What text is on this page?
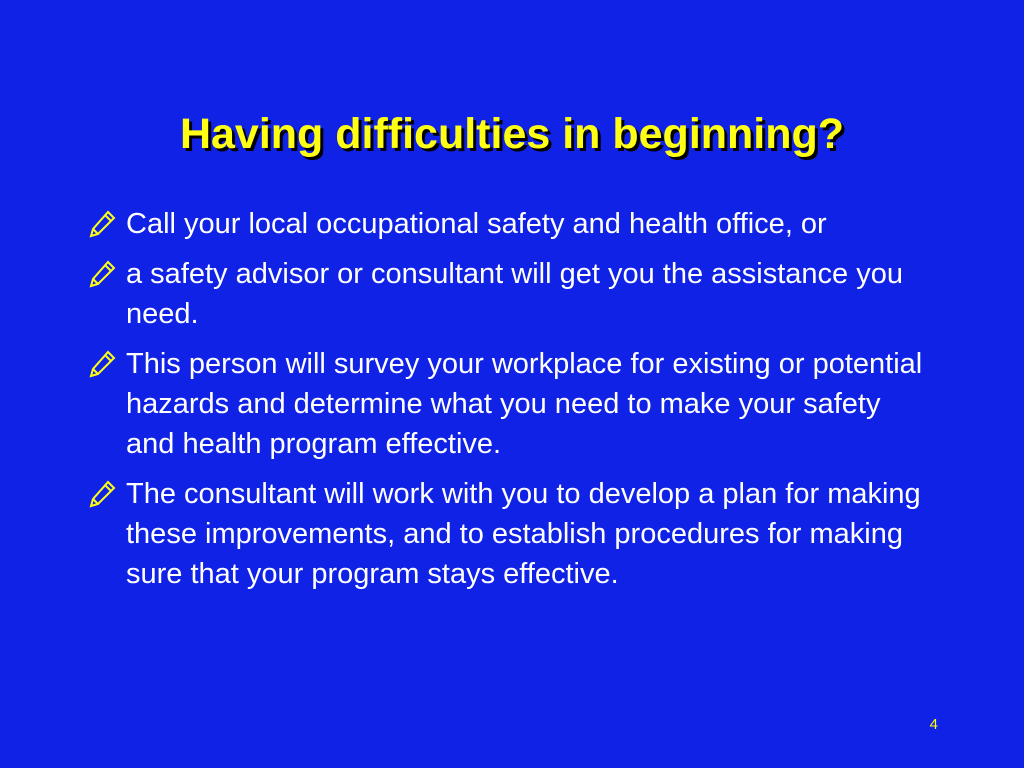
Having difficulties in beginning?
Call your local occupational safety and health office, or
a safety advisor or consultant will get you the assistance you need.
This person will survey your workplace for existing or potential hazards and determine what you need to make your safety and health program effective.
The consultant will work with you to develop a plan for making these improvements, and to establish procedures for making sure that your program stays effective.
4
